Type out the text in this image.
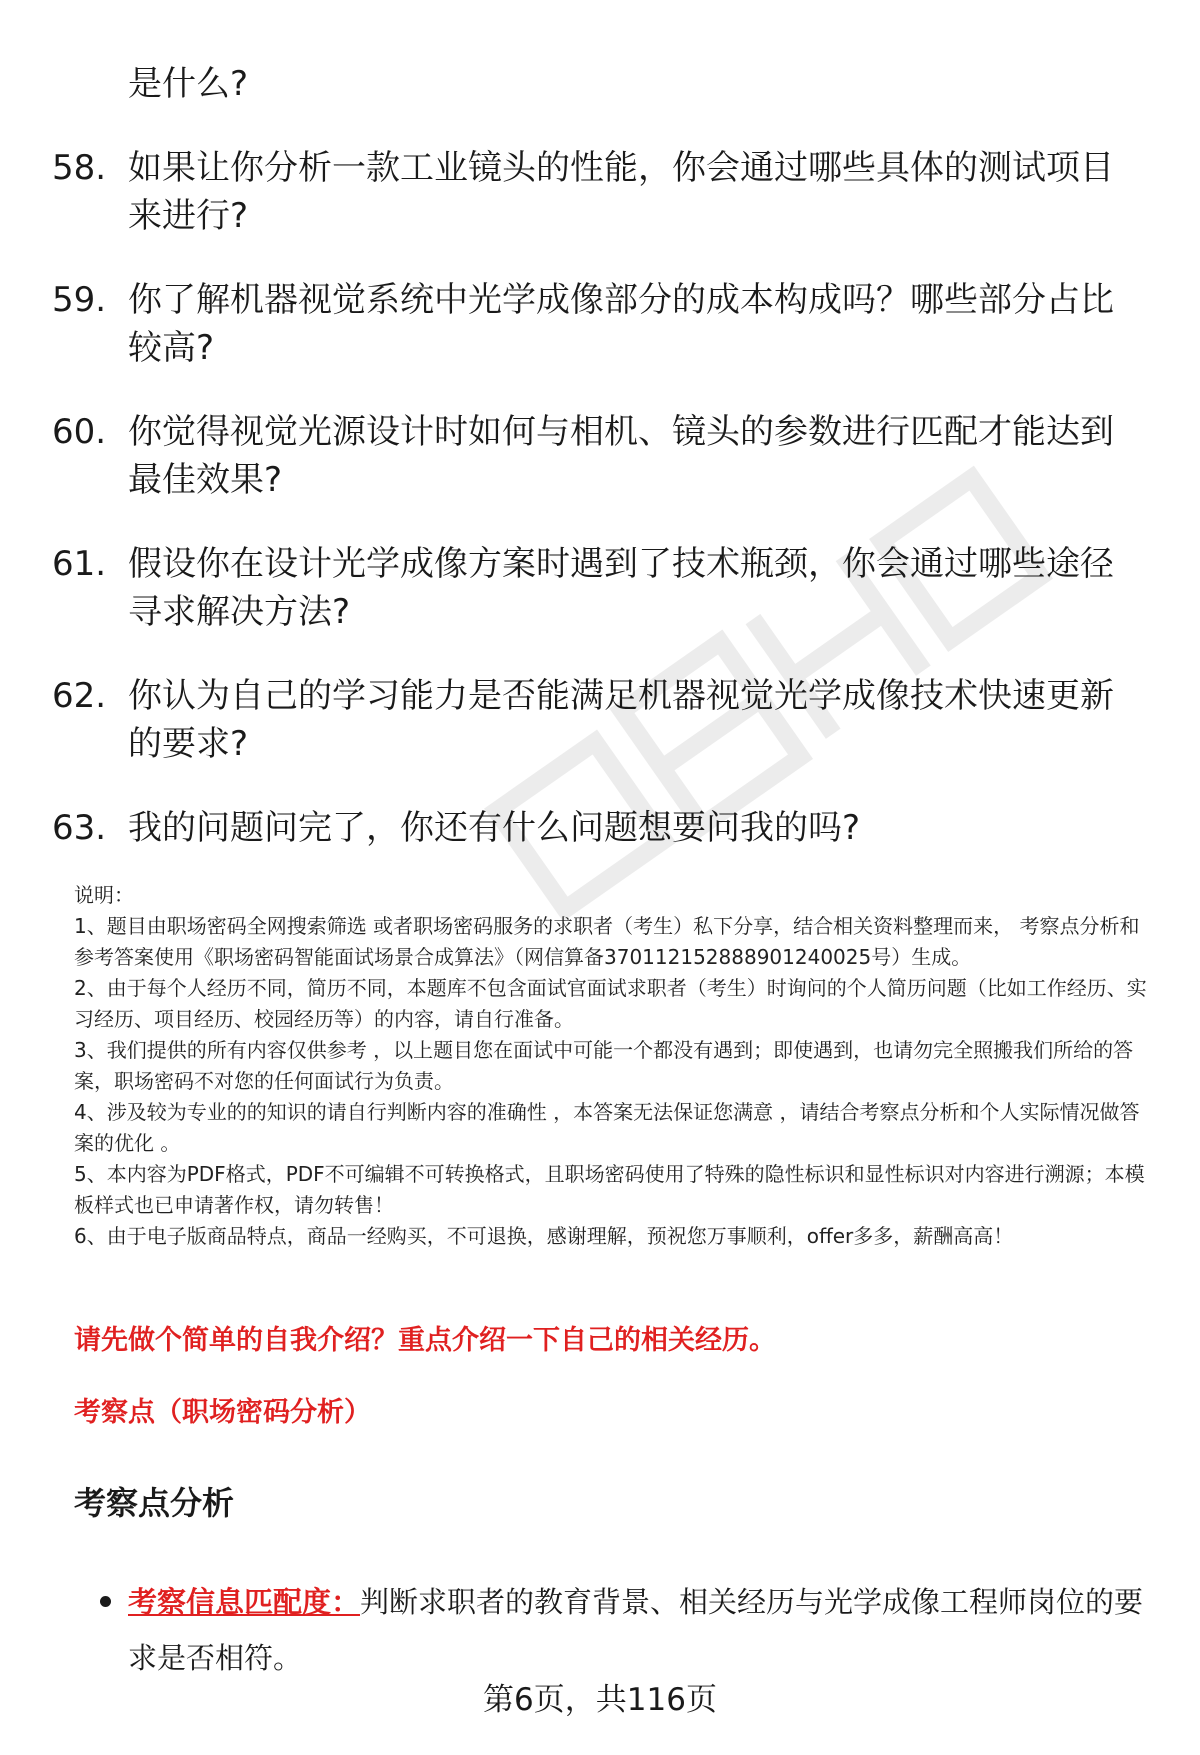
是什么?
58. 如果让你分析一款工业镜头的性能，你会通过哪些具体的测试项目来进行?
59. 你了解机器视觉系统中光学成像部分的成本构成吗？哪些部分占比较高?
60. 你觉得视觉光源设计时如何与相机、镜头的参数进行匹配才能达到最佳效果?
61. 假设你在设计光学成像方案时遇到了技术瓶颈，你会通过哪些途径寻求解决方法?
62. 你认为自己的学习能力是否能满足机器视觉光学成像技术快速更新的要求?
63. 我的问题问完了，你还有什么问题想要问我的吗?

说明：

1、题目由职场密码全网搜索筛选 或者职场密码服务的求职者（考生）私下分享，结合相关资料整理而来， 考察点分析和参考答案使用《职场密码智能面试场景合成算法》（网信算备370112152888901240025号）生成。

2、由于每个人经历不同，简历不同，本题库不包含面试官面试求职者（考生）时询问的个人简历问题（比如工作经历、实习经历、项目经历、校园经历等）的内容，请自行准备。

3、我们提供的所有内容仅供参考 ，以上题目您在面试中可能一个都没有遇到；即使遇到，也请勿完全照搬我们所给的答案，职场密码不对您的任何面试行为负责。

4、涉及较为专业的的知识的请自行判断内容的准确性 ，本答案无法保证您满意 ，请结合考察点分析和个人实际情况做答案的优化 。

5、本内容为PDF格式，PDF不可编辑不可转换格式，且职场密码使用了特殊的隐性标识和显性标识对内容进行溯源；本模板样式也已申请著作权，请勿转售！

6、由于电子版商品特点，商品一经购买，不可退换，感谢理解，预祝您万事顺利，offer多多，薪酬高高！

请先做个简单的自我介绍？重点介绍一下自己的相关经历。
考察点（职场密码分析）
考察点分析
考察信息匹配度：判断求职者的教育背景、相关经历与光学成像工程师岗位的要求是否相符。
第6页，共116页
